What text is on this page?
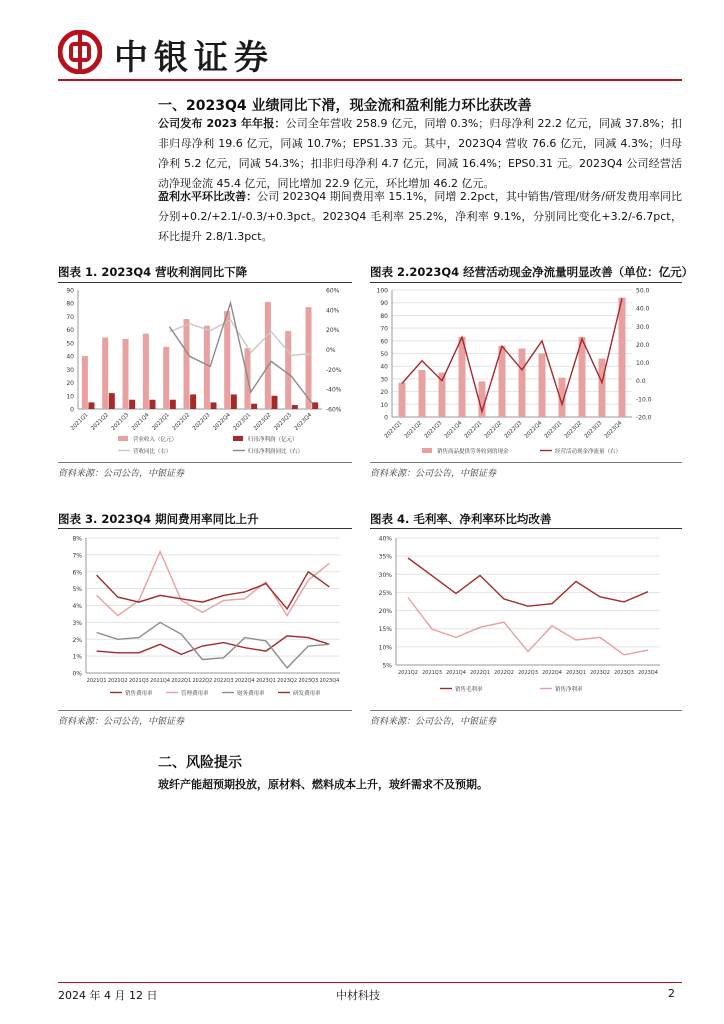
中银证券
一、2023Q4 业绩同比下滑，现金流和盈利能力环比获改善
公司发布 2023 年年报：公司全年营收 258.9 亿元，同增 0.3%；归母净利 22.2 亿元，同减 37.8%；扣非归母净利 19.6 亿元，同减 10.7%；EPS1.33 元。其中，2023Q4 营收 76.6 亿元，同减 4.3%；归母净利 5.2 亿元，同减 54.3%；扣非归母净利 4.7 亿元，同减 16.4%；EPS0.31 元。2023Q4 公司经营活动净现金流 45.4 亿元，同比增加 22.9 亿元，环比增加 46.2 亿元。
盈利水平环比改善：公司 2023Q4 期间费用率 15.1%，同增 2.2pct，其中销售/管理/财务/研发费用率同比分别+0.2/+2.1/-0.3/+0.3pct。2023Q4 毛利率 25.2%，净利率 9.1%，分别同比变化+3.2/-6.7pct，环比提升 2.8/1.3pct。
图表 1. 2023Q4 营收利润同比下降
0
10
20
30
40
50
60
70
80
90
-60%
-40%
-20%
0%
20%
40%
60%
2021Q1 2021Q2 2021Q3 2021Q4 2022Q1 2022Q2 2022Q3 2022Q4 2023Q1 2023Q2 2023Q3 2023Q4
营业收入（亿元）	归母净利润（亿元）
营收同比（右）	归母净利润同比（右）
资料来源：公司公告，中银证券
图表 2.2023Q4 经营活动现金净流量明显改善（单位：亿元）
0
10
20
30
40
50
60
70
80
90
100
-20.0
-10.0
0.0
10.0
20.0
30.0
40.0
50.0
2021Q1 2021Q2 2021Q3 2021Q4 2022Q1 2022Q2 2022Q3 2022Q4 2023Q1 2023Q2 2023Q3 2023Q4
销售商品提供劳务收到的现金	经营活动现金净流量（右）
资料来源：公司公告，中银证券
图表 3. 2023Q4 期间费用率同比上升
0%
1%
2%
3%
4%
5%
6%
7%
8%
2021Q1 2021Q2 2021Q3 2021Q4 2022Q1 2022Q2 2022Q3 2022Q4 2023Q1 2023Q2 2023Q3 2023Q4
销售费用率	管理费用率	财务费用率	研发费用率
资料来源：公司公告，中银证券
图表 4. 毛利率、净利率环比均改善
5%
10%
15%
20%
25%
30%
35%
40%
2021Q2 2021Q3 2021Q4 2022Q1 2022Q2 2022Q3 2022Q4 2023Q1 2023Q2 2023Q3 2023Q4
销售毛利率	销售净利率
资料来源：公司公告，中银证券
二、风险提示
玻纤产能超预期投放，原材料、燃料成本上升，玻纤需求不及预期。
2024 年 4 月 12 日	中材科技	2
